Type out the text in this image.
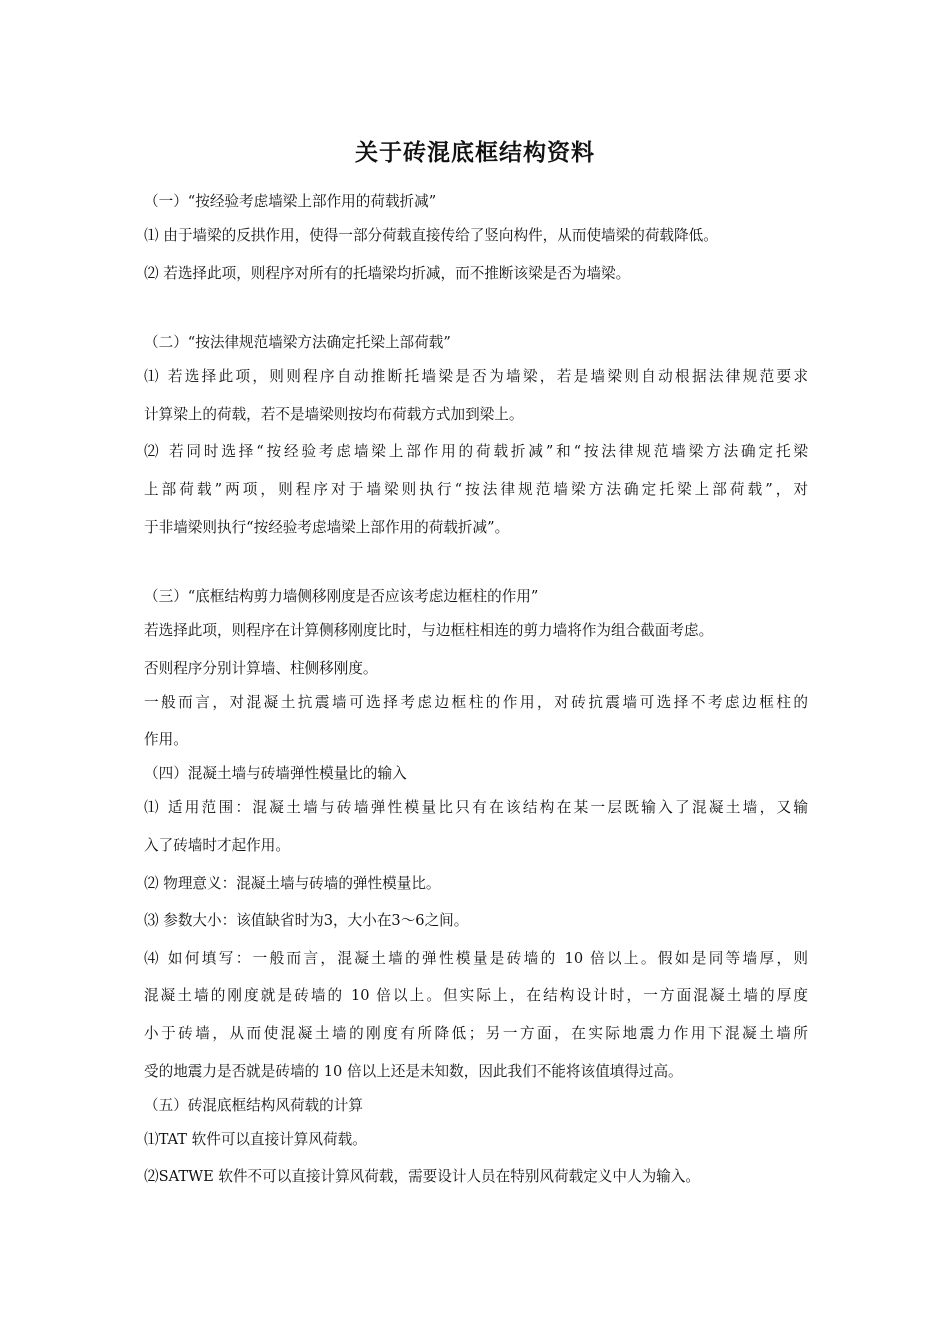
关于砖混底框结构资料
（一）“按经验考虑墙梁上部作用的荷载折减”
⑴ 由于墙梁的反拱作用，使得一部分荷载直接传给了竖向构件，从而使墙梁的荷载降低。
⑵ 若选择此项，则程序对所有的托墙梁均折减，而不推断该梁是否为墙梁。
（二）“按法律规范墙梁方法确定托梁上部荷载”
⑴ 若选择此项，则则程序自动推断托墙梁是否为墙梁，若是墙梁则自动根据法律规范要求
计算梁上的荷载，若不是墙梁则按均布荷载方式加到梁上。
⑵ 若同时选择“按经验考虑墙梁上部作用的荷载折减”和“按法律规范墙梁方法确定托梁
上部荷载”两项，则程序对于墙梁则执行“按法律规范墙梁方法确定托梁上部荷载”，对
于非墙梁则执行“按经验考虑墙梁上部作用的荷载折减”。
（三）“底框结构剪力墙侧移刚度是否应该考虑边框柱的作用”
若选择此项，则程序在计算侧移刚度比时，与边框柱相连的剪力墙将作为组合截面考虑。
否则程序分别计算墙、柱侧移刚度。
一般而言，对混凝土抗震墙可选择考虑边框柱的作用，对砖抗震墙可选择不考虑边框柱的
作用。
（四）混凝土墙与砖墙弹性模量比的输入
⑴ 适用范围：混凝土墙与砖墙弹性模量比只有在该结构在某一层既输入了混凝土墙，又输
入了砖墙时才起作用。
⑵ 物理意义：混凝土墙与砖墙的弹性模量比。
⑶ 参数大小：该值缺省时为3，大小在3～6之间。
⑷ 如何填写：一般而言，混凝土墙的弹性模量是砖墙的 10 倍以上。假如是同等墙厚，则
混凝土墙的刚度就是砖墙的 10 倍以上。但实际上，在结构设计时，一方面混凝土墙的厚度
小于砖墙，从而使混凝土墙的刚度有所降低；另一方面，在实际地震力作用下混凝土墙所
受的地震力是否就是砖墙的 10 倍以上还是未知数，因此我们不能将该值填得过高。
（五）砖混底框结构风荷载的计算
⑴TAT 软件可以直接计算风荷载。
⑵SATWE 软件不可以直接计算风荷载，需要设计人员在特别风荷载定义中人为输入。
